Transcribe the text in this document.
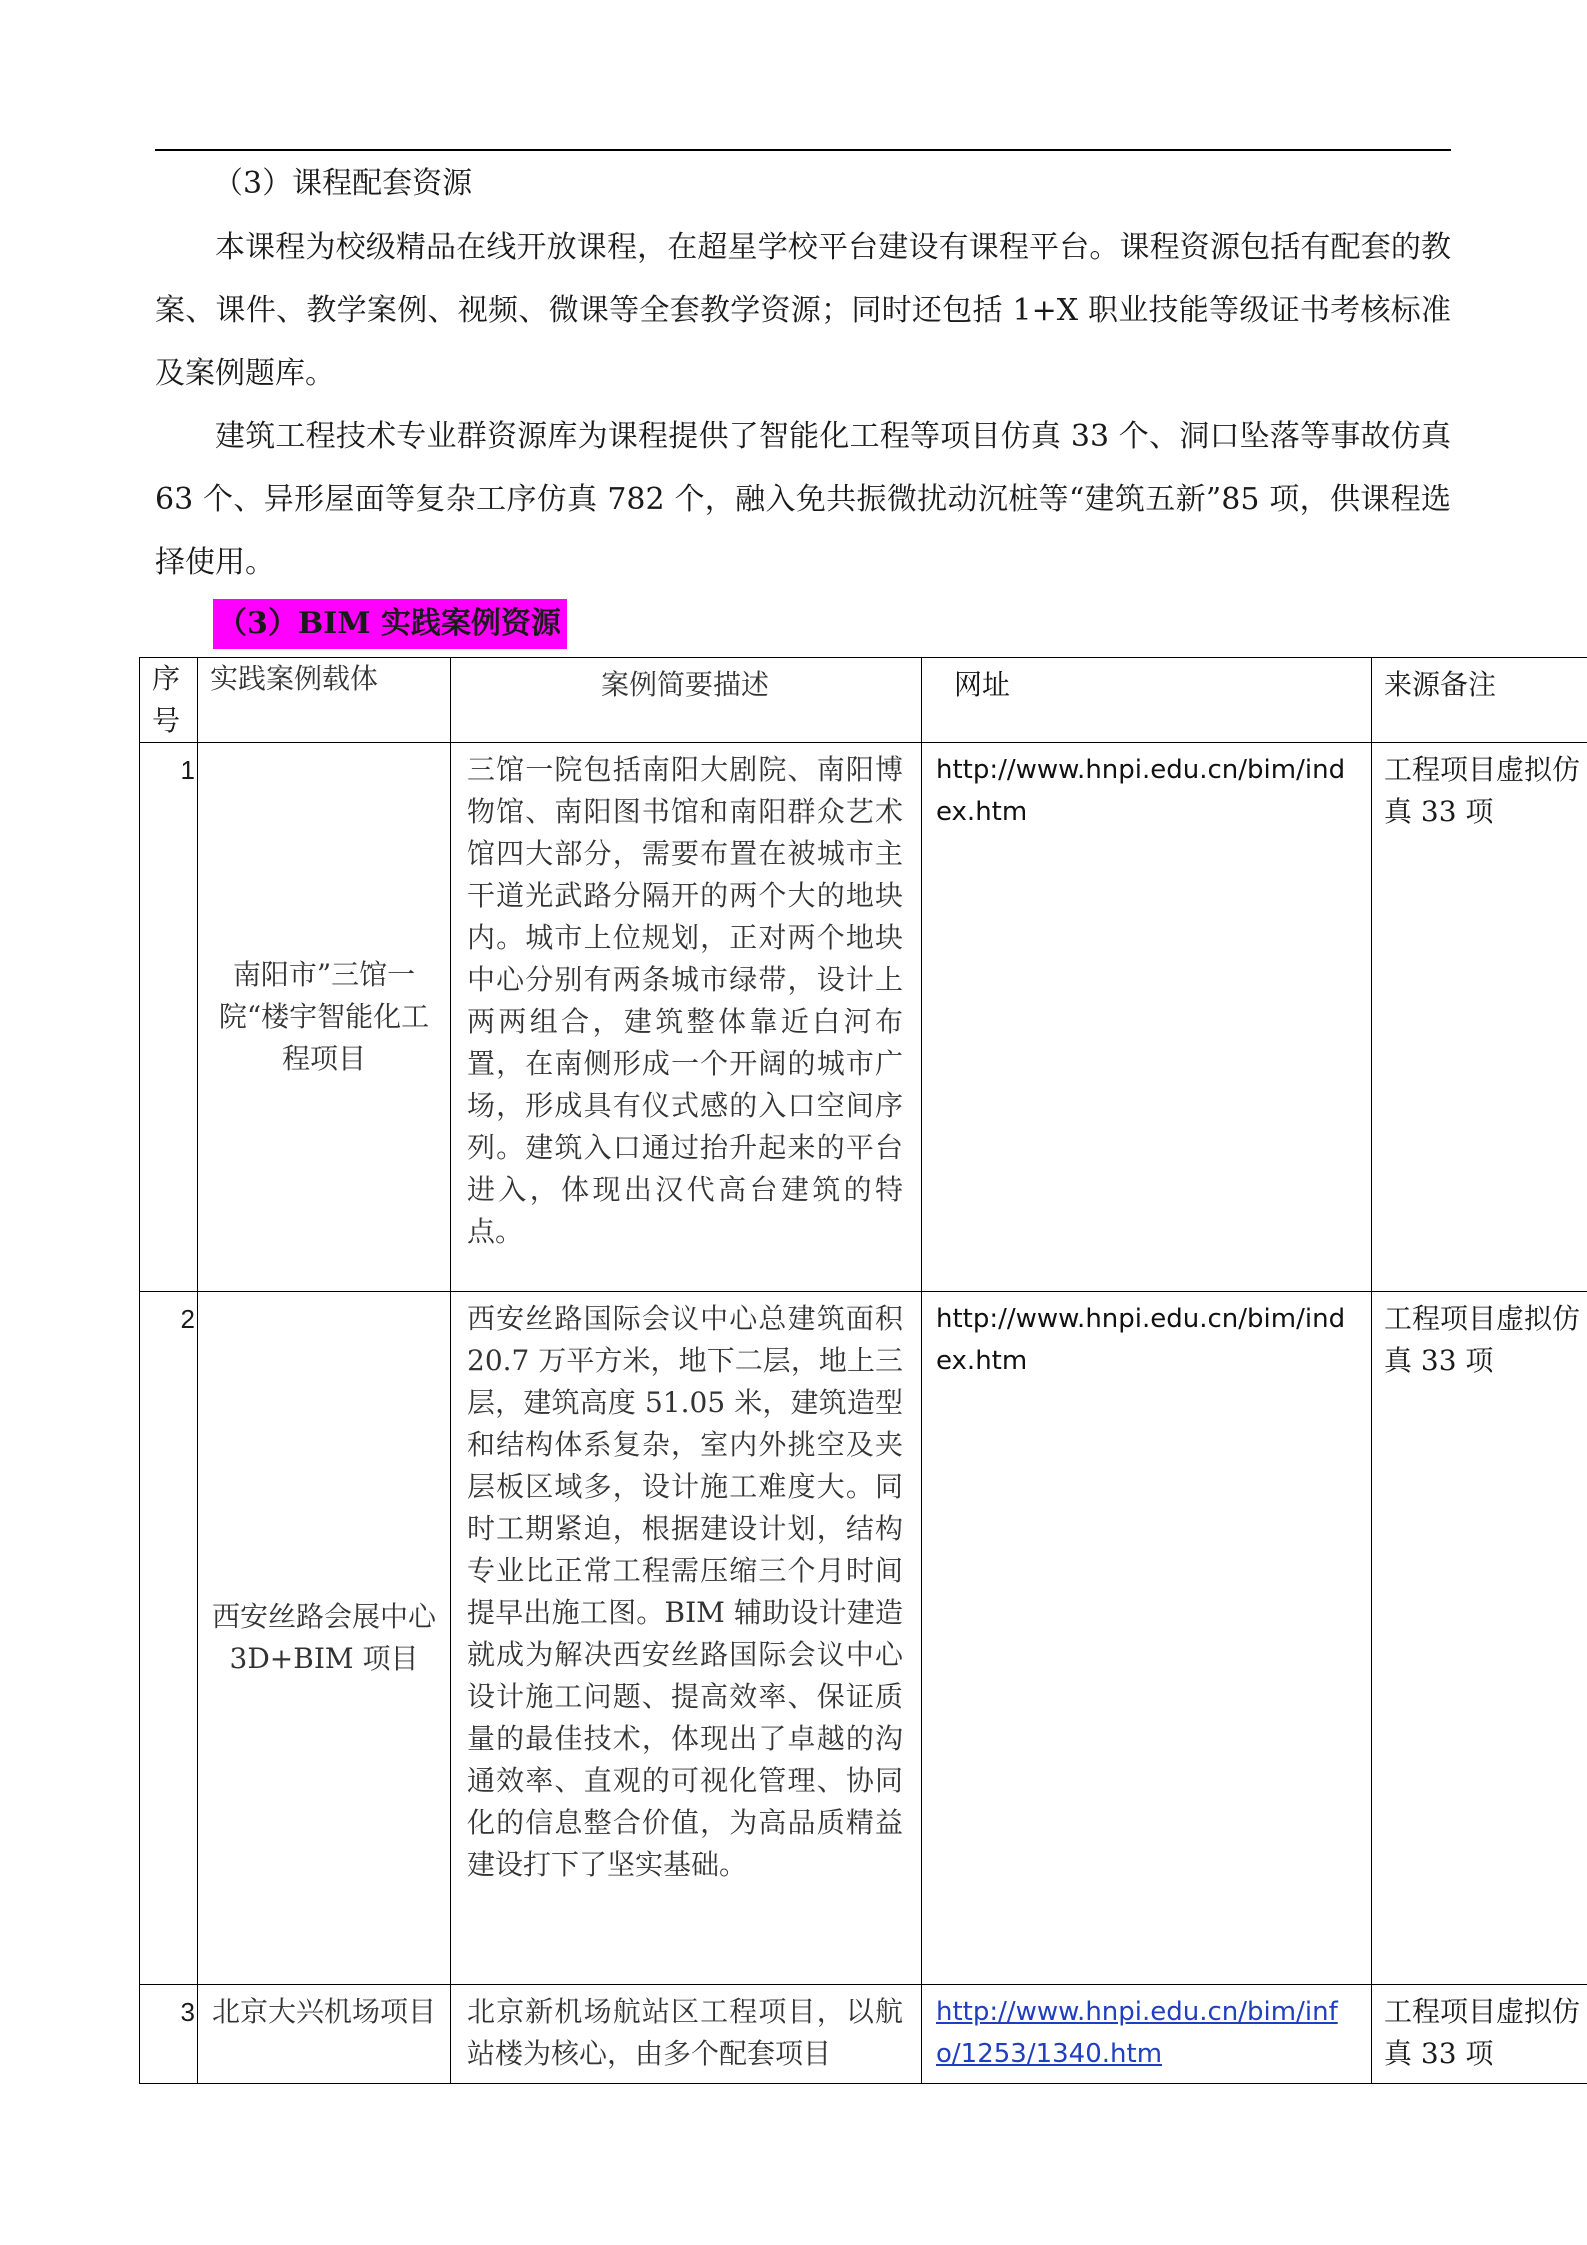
（3）课程配套资源

本课程为校级精品在线开放课程，在超星学校平台建设有课程平台。课程资源包括有配套的教案、课件、教学案例、视频、微课等全套教学资源；同时还包括 1+X 职业技能等级证书考核标准及案例题库。

建筑工程技术专业群资源库为课程提供了智能化工程等项目仿真 33 个、洞口坠落等事故仿真 63 个、异形屋面等复杂工序仿真 782 个，融入免共振微扰动沉桩等“建筑五新”85 项，供课程选择使用。

（3）BIM 实践案例资源
序号	实践案例载体	案例简要描述	网址	来源备注
1	南阳市”三馆一院“楼宇智能化工程项目	三馆一院包括南阳大剧院、南阳博物馆、南阳图书馆和南阳群众艺术馆四大部分，需要布置在被城市主干道光武路分隔开的两个大的地块内。城市上位规划，正对两个地块中心分别有两条城市绿带，设计上两两组合，建筑整体靠近白河布置，在南侧形成一个开阔的城市广场，形成具有仪式感的入口空间序列。建筑入口通过抬升起来的平台进入，体现出汉代高台建筑的特点。	http://www.hnpi.edu.cn/bim/index.htm	工程项目虚拟仿真 33 项
2	西安丝路会展中心 3D+BIM 项目	西安丝路国际会议中心总建筑面积 20.7 万平方米，地下二层，地上三层，建筑高度 51.05 米，建筑造型和结构体系复杂，室内外挑空及夹层板区域多，设计施工难度大。同时工期紧迫，根据建设计划，结构专业比正常工程需压缩三个月时间提早出施工图。BIM 辅助设计建造就成为解决西安丝路国际会议中心设计施工问题、提高效率、保证质量的最佳技术，体现出了卓越的沟通效率、直观的可视化管理、协同化的信息整合价值，为高品质精益建设打下了坚实基础。	http://www.hnpi.edu.cn/bim/index.htm	工程项目虚拟仿真 33 项
3	北京大兴机场项目	北京新机场航站区工程项目，以航站楼为核心，由多个配套项目	http://www.hnpi.edu.cn/bim/info/1253/1340.htm	工程项目虚拟仿真 33 项
